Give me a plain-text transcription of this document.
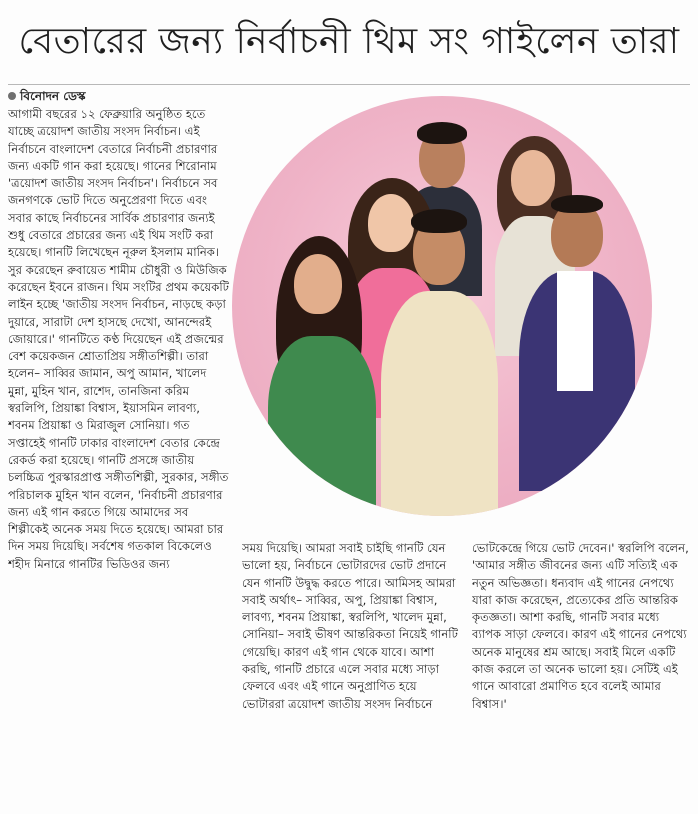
বেতারের জন্য নির্বাচনী থিম সং গাইলেন তারা
বিনোদন ডেস্ক

আগামী বছরের ১২ ফেব্রুয়ারি অনুষ্ঠিত হতে যাচ্ছে ত্রয়োদশ জাতীয় সংসদ নির্বাচন। এই নির্বাচনে বাংলাদেশ বেতারে নির্বাচনী প্রচারণার জন্য একটি গান করা হয়েছে। গানের শিরোনাম 'ত্রয়োদশ জাতীয় সংসদ নির্বাচন'। নির্বাচনে সব জনগণকে ভোট দিতে অনুপ্রেরণা দিতে এবং সবার কাছে নির্বাচনের সার্বিক প্রচারণার জন্যই শুধু বেতারে প্রচারের জন্য এই থিম সংটি করা হয়েছে। গানটি লিখেছেন নূরুল ইসলাম মানিক। সুর করেছেন রুবায়েত শামীম চৌধুরী ও মিউজিক করেছেন ইবনে রাজন। থিম সংটির প্রথম কয়েকটি লাইন হচ্ছে 'জাতীয় সংসদ নির্বাচন, নাড়ছে কড়া দুয়ারে, সারাটা দেশ হাসছে দেখো, আনন্দেরই জোয়ারে।' গানটিতে কণ্ঠ দিয়েছেন এই প্রজন্মের বেশ কয়েকজন শ্রোতাপ্রিয় সঙ্গীতশিল্পী। তারা হলেন– সাব্বির জামান, অপু আমান, খালেদ মুন্না, মুহিন খান, রাশেদ, তানজিনা করিম স্বরলিপি, প্রিয়াঙ্কা বিশ্বাস, ইয়াসমিন লাবণ্য, শবনম প্রিয়াঙ্কা ও মিরাজুল সোনিয়া। গত সপ্তাহেই গানটি ঢাকার বাংলাদেশ বেতার কেন্দ্রে রেকর্ড করা হয়েছে। গানটি প্রসঙ্গে জাতীয় চলচ্চিত্র পুরস্কারপ্রাপ্ত সঙ্গীতশিল্পী, সুরকার, সঙ্গীত পরিচালক মুহিন খান বলেন, 'নির্বাচনী প্রচারণার জন্য এই গান করতে গিয়ে আমাদের সব শিল্পীকেই অনেক সময় দিতে হয়েছে। আমরা চার দিন সময় দিয়েছি। সর্বশেষ গতকাল বিকেলেও শহীদ মিনারে গানটির ভিডিওর জন্য

সময় দিয়েছি। আমরা সবাই চাইছি গানটি যেন ভালো হয়, নির্বাচনে ভোটারদের ভোট প্রদানে যেন গানটি উদ্বুদ্ধ করতে পারে। আমিসহ আমরা সবাই অর্থাৎ– সাব্বির, অপু, প্রিয়াঙ্কা বিশ্বাস, লাবণ্য, শবনম প্রিয়াঙ্কা, স্বরলিপি, খালেদ মুন্না, সোনিয়া– সবাই ভীষণ আন্তরিকতা নিয়েই গানটি গেয়েছি। কারণ এই গান থেকে যাবে। আশা করছি, গানটি প্রচারে এলে সবার মধ্যে সাড়া ফেলবে এবং এই গানে অনুপ্রাণিত হয়ে ভোটাররা ত্রয়োদশ জাতীয় সংসদ নির্বাচনে

ভোটকেন্দ্রে গিয়ে ভোট দেবেন।' স্বরলিপি বলেন, 'আমার সঙ্গীত জীবনের জন্য এটি সত্যিই এক নতুন অভিজ্ঞতা। ধন্যবাদ এই গানের নেপথ্যে যারা কাজ করেছেন, প্রত্যেকের প্রতি আন্তরিক কৃতজ্ঞতা। আশা করছি, গানটি সবার মধ্যে ব্যাপক সাড়া ফেলবে। কারণ এই গানের নেপথ্যে অনেক মানুষের শ্রম আছে। সবাই মিলে একটি কাজ করলে তা অনেক ভালো হয়। সেটিই এই গানে আবারো প্রমাণিত হবে বলেই আমার বিশ্বাস।'
